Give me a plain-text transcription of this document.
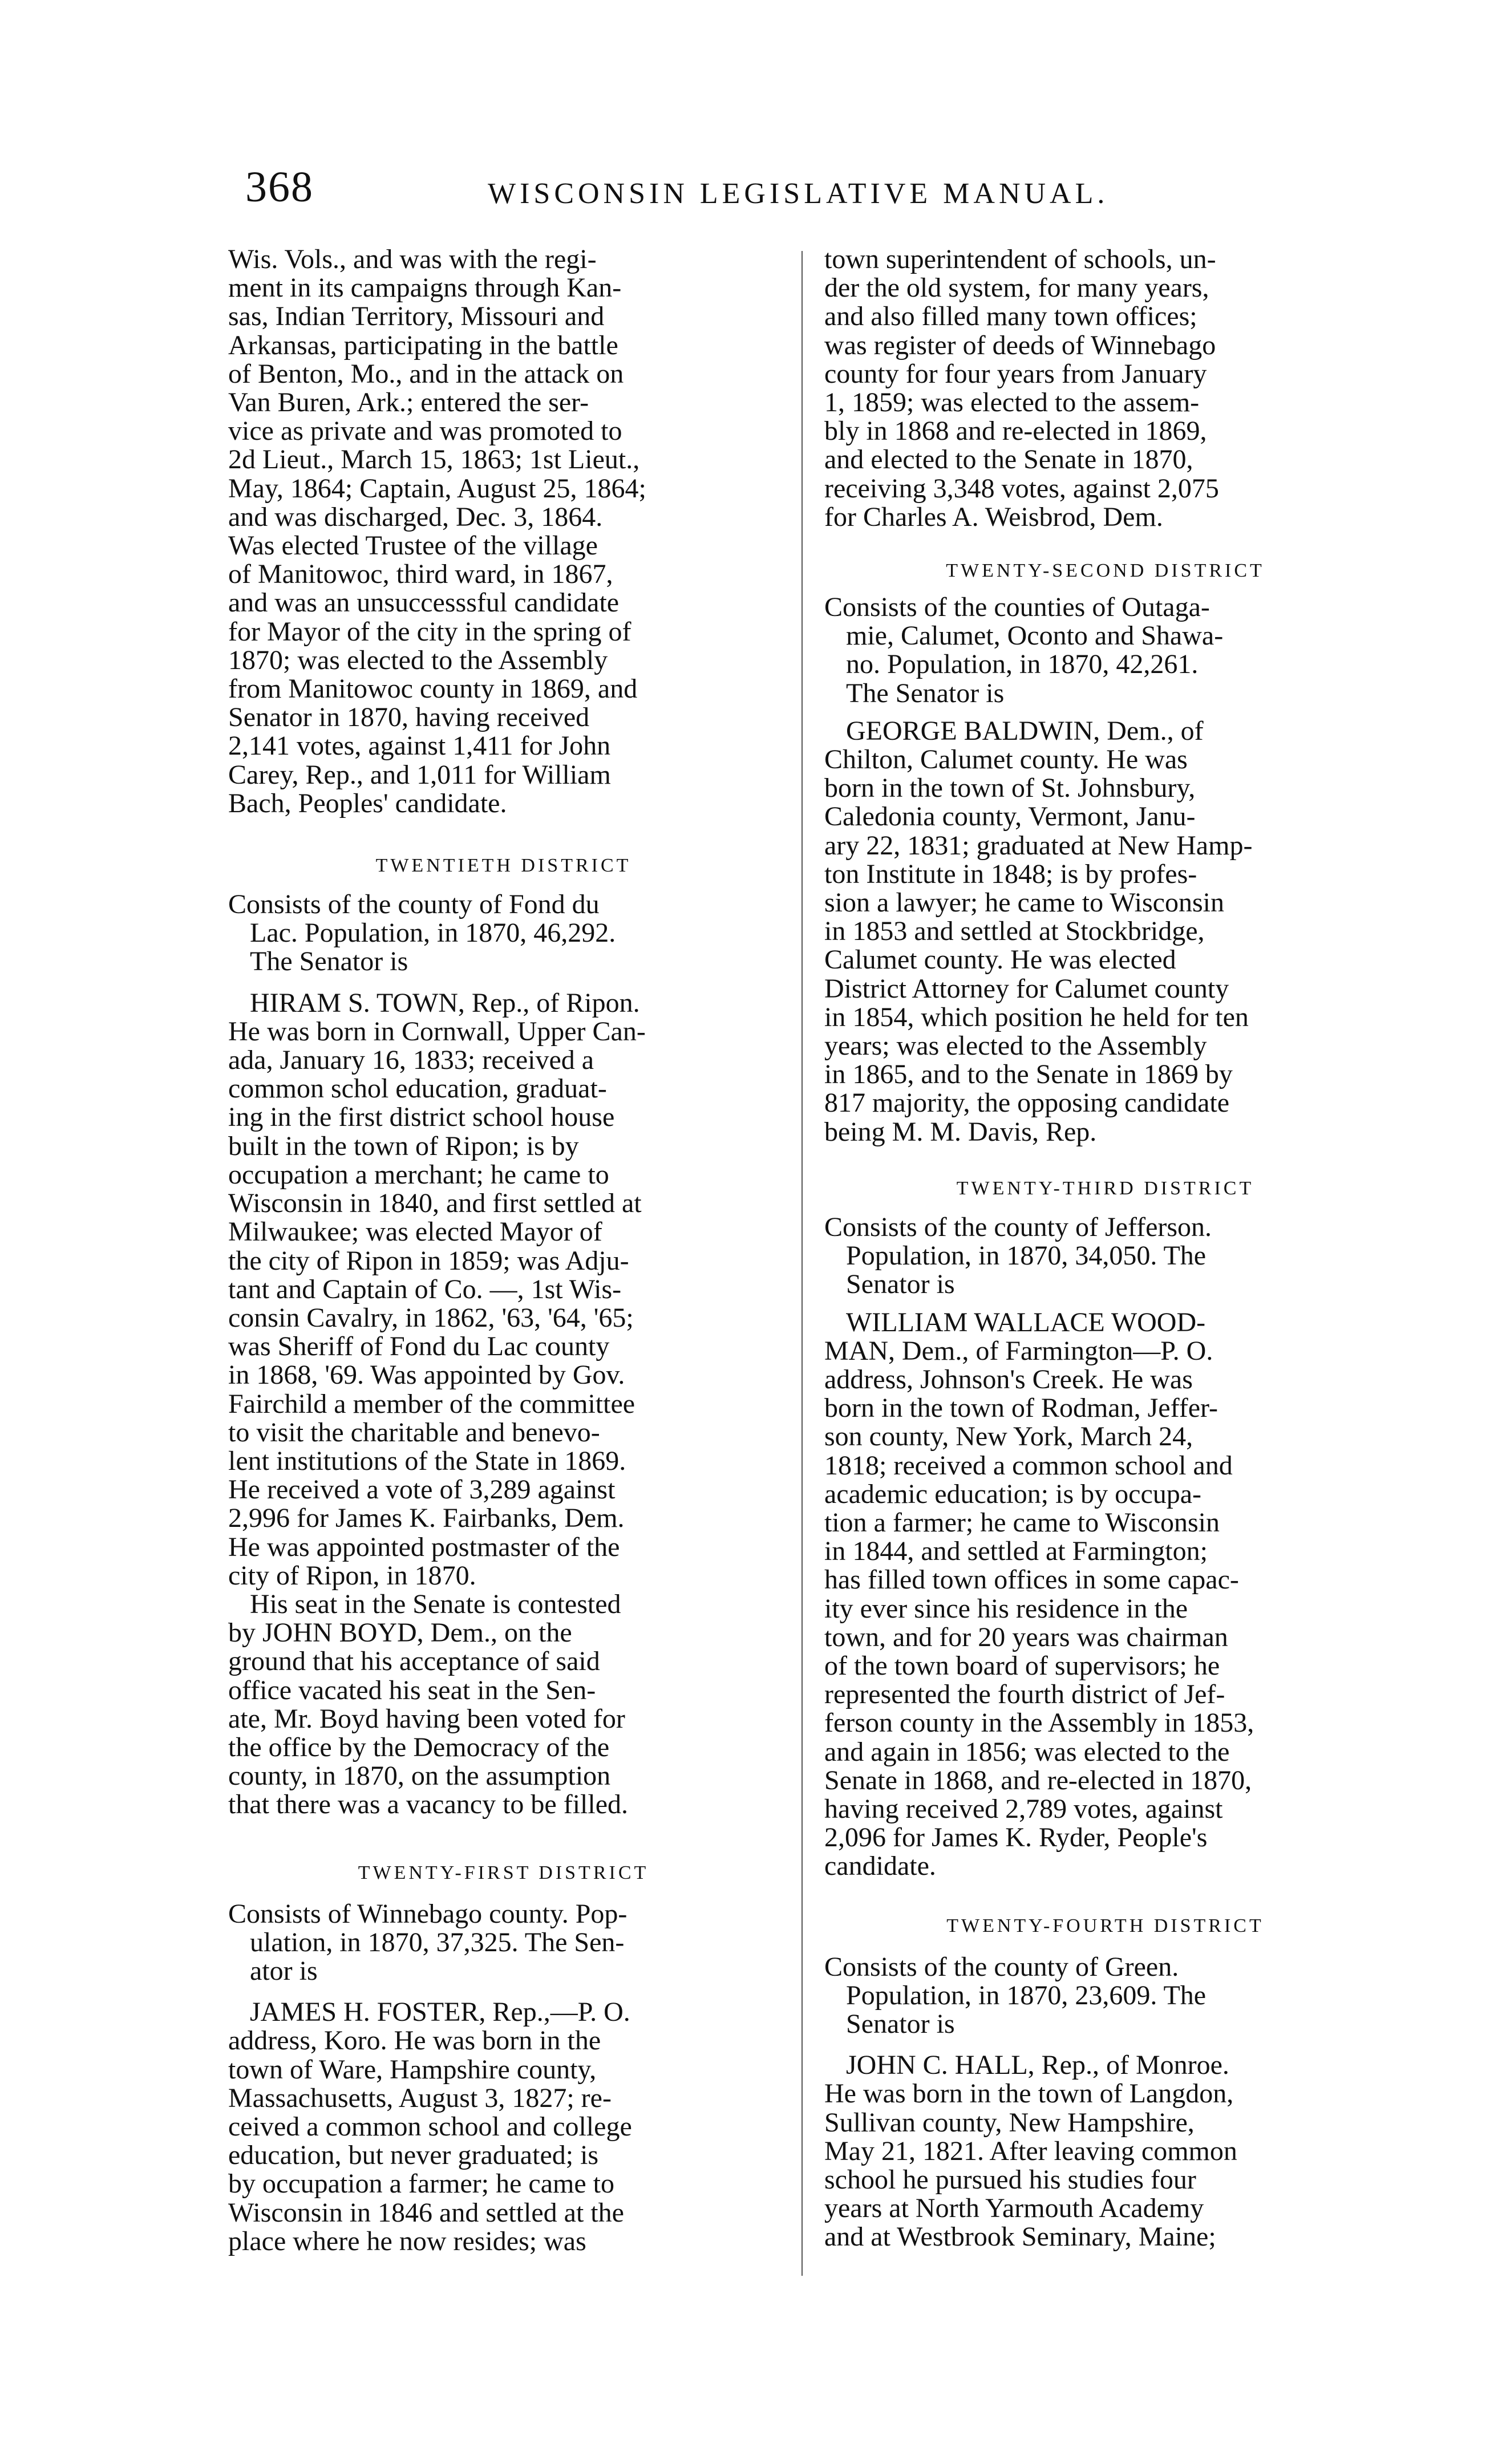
368	WISCONSIN LEGISLATIVE MANUAL.

Wis. Vols., and was with the regi-
ment in its campaigns through Kan-
sas, Indian Territory, Missouri and
Arkansas, participating in the battle
of Benton, Mo., and in the attack on
Van Buren, Ark.; entered the ser-
vice as private and was promoted to
2d Lieut., March 15, 1863; 1st Lieut.,
May, 1864; Captain, August 25, 1864;
and was discharged, Dec. 3, 1864.
Was elected Trustee of the village
of Manitowoc, third ward, in 1867,
and was an unsuccesssful candidate
for Mayor of the city in the spring of
1870; was elected to the Assembly
from Manitowoc county in 1869, and
Senator in 1870, having received
2,141 votes, against 1,411 for John
Carey, Rep., and 1,011 for William
Bach, Peoples' candidate.

TWENTIETH DISTRICT

Consists of the county of Fond du
Lac. Population, in 1870, 46,292.
The Senator is

HIRAM S. TOWN, Rep., of Ripon.
He was born in Cornwall, Upper Can-
ada, January 16, 1833; received a
common schol education, graduat-
ing in the first district school house
built in the town of Ripon; is by
occupation a merchant; he came to
Wisconsin in 1840, and first settled at
Milwaukee; was elected Mayor of
the city of Ripon in 1859; was Adju-
tant and Captain of Co. —, 1st Wis-
consin Cavalry, in 1862, '63, '64, '65;
was Sheriff of Fond du Lac county
in 1868, '69. Was appointed by Gov.
Fairchild a member of the committee
to visit the charitable and benevo-
lent institutions of the State in 1869.
He received a vote of 3,289 against
2,996 for James K. Fairbanks, Dem.
He was appointed postmaster of the
city of Ripon, in 1870.

His seat in the Senate is contested
by JOHN BOYD, Dem., on the
ground that his acceptance of said
office vacated his seat in the Sen-
ate, Mr. Boyd having been voted for
the office by the Democracy of the
county, in 1870, on the assumption
that there was a vacancy to be filled.

TWENTY-FIRST DISTRICT

Consists of Winnebago county. Pop-
ulation, in 1870, 37,325. The Sen-
ator is

JAMES H. FOSTER, Rep.,—P. O.
address, Koro. He was born in the
town of Ware, Hampshire county,
Massachusetts, August 3, 1827; re-
ceived a common school and college
education, but never graduated; is
by occupation a farmer; he came to
Wisconsin in 1846 and settled at the
place where he now resides; was

town superintendent of schools, un-
der the old system, for many years,
and also filled many town offices;
was register of deeds of Winnebago
county for four years from January
1, 1859; was elected to the assem-
bly in 1868 and re-elected in 1869,
and elected to the Senate in 1870,
receiving 3,348 votes, against 2,075
for Charles A. Weisbrod, Dem.

TWENTY-SECOND DISTRICT

Consists of the counties of Outaga-
mie, Calumet, Oconto and Shawa-
no. Population, in 1870, 42,261.
The Senator is

GEORGE BALDWIN, Dem., of
Chilton, Calumet county. He was
born in the town of St. Johnsbury,
Caledonia county, Vermont, Janu-
ary 22, 1831; graduated at New Hamp-
ton Institute in 1848; is by profes-
sion a lawyer; he came to Wisconsin
in 1853 and settled at Stockbridge,
Calumet county. He was elected
District Attorney for Calumet county
in 1854, which position he held for ten
years; was elected to the Assembly
in 1865, and to the Senate in 1869 by
817 majority, the opposing candidate
being M. M. Davis, Rep.

TWENTY-THIRD DISTRICT

Consists of the county of Jefferson.
Population, in 1870, 34,050. The
Senator is

WILLIAM WALLACE WOOD-
MAN, Dem., of Farmington—P. O.
address, Johnson's Creek. He was
born in the town of Rodman, Jeffer-
son county, New York, March 24,
1818; received a common school and
academic education; is by occupa-
tion a farmer; he came to Wisconsin
in 1844, and settled at Farmington;
has filled town offices in some capac-
ity ever since his residence in the
town, and for 20 years was chairman
of the town board of supervisors; he
represented the fourth district of Jef-
ferson county in the Assembly in 1853,
and again in 1856; was elected to the
Senate in 1868, and re-elected in 1870,
having received 2,789 votes, against
2,096 for James K. Ryder, People's
candidate.

TWENTY-FOURTH DISTRICT

Consists of the county of Green.
Population, in 1870, 23,609. The
Senator is

JOHN C. HALL, Rep., of Monroe.
He was born in the town of Langdon,
Sullivan county, New Hampshire,
May 21, 1821. After leaving common
school he pursued his studies four
years at North Yarmouth Academy
and at Westbrook Seminary, Maine;
